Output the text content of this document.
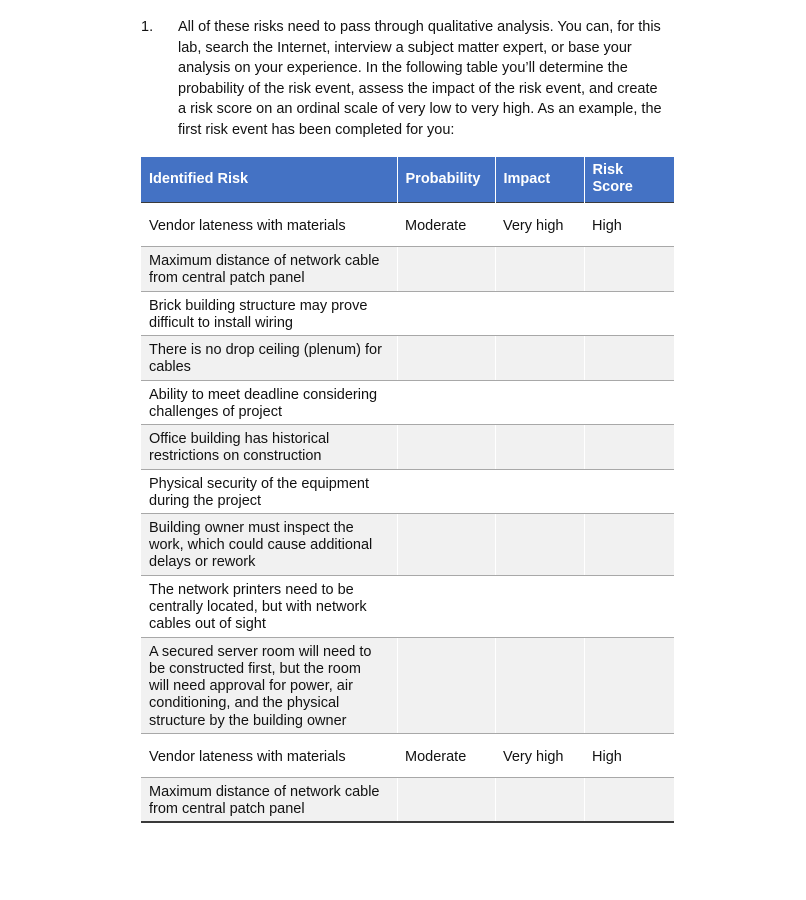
1. All of these risks need to pass through qualitative analysis. You can, for this
lab, search the Internet, interview a subject matter expert, or base your
analysis on your experience. In the following table you’ll determine the
probability of the risk event, assess the impact of the risk event, and create
a risk score on an ordinal scale of very low to very high. As an example, the
first risk event has been completed for you:
Identified Risk	Probability	Impact	Risk
Score

Vendor lateness with materials	Moderate	Very high	High

Maximum distance of network cable
from central patch panel			

Brick building structure may prove
difficult to install wiring			

There is no drop ceiling (plenum) for
cables			

Ability to meet deadline considering
challenges of project			

Office building has historical
restrictions on construction			

Physical security of the equipment
during the project			

Building owner must inspect the
work, which could cause additional
delays or rework			

The network printers need to be
centrally located, but with network
cables out of sight			

A secured server room will need to
be constructed first, but the room
will need approval for power, air
conditioning, and the physical
structure by the building owner			

Vendor lateness with materials	Moderate	Very high	High

Maximum distance of network cable
from central patch panel			
